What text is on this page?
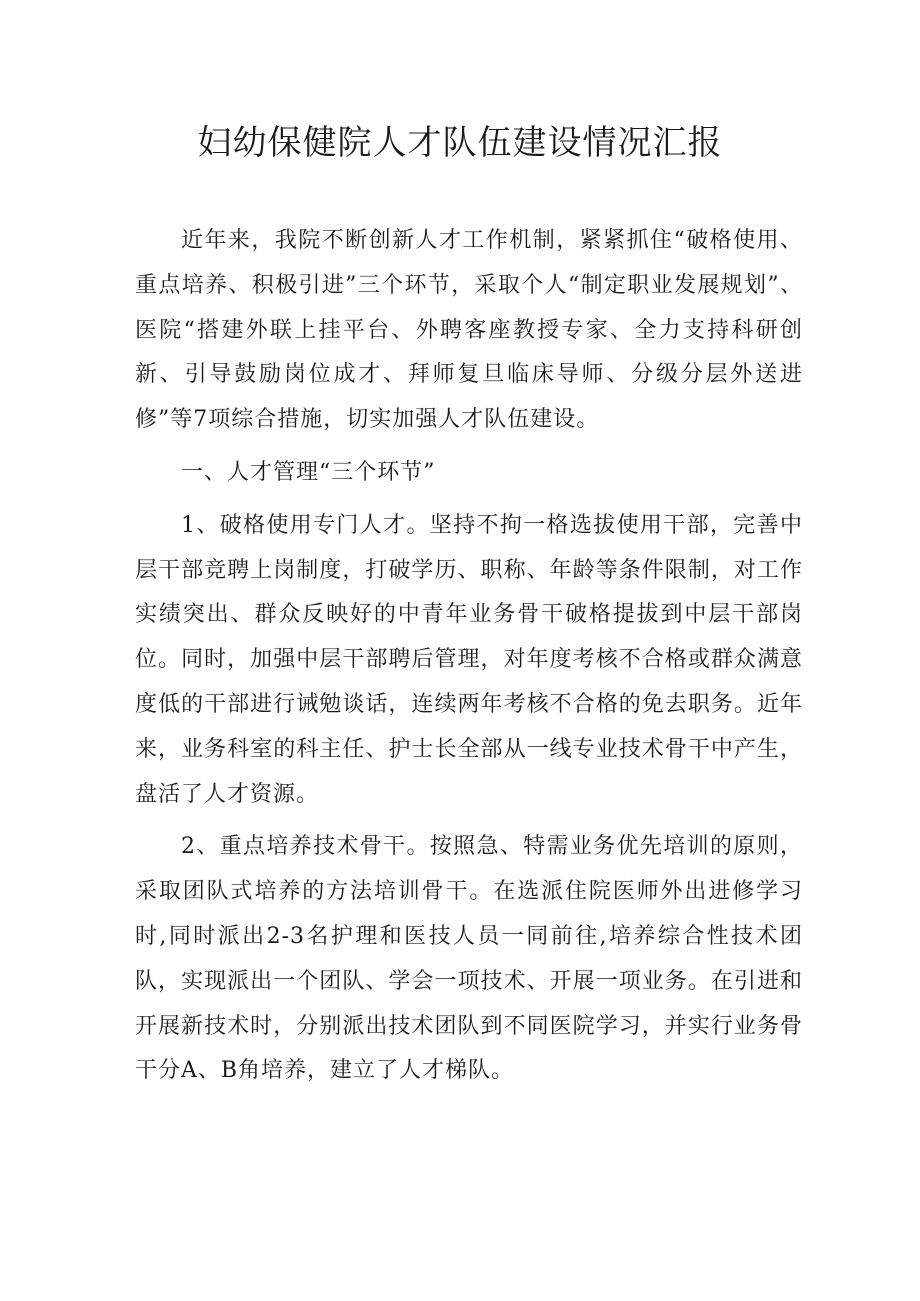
妇幼保健院人才队伍建设情况汇报

近年来，我院不断创新人才工作机制，紧紧抓住“破格使用、重点培养、积极引进”三个环节，采取个人“制定职业发展规划”、医院“搭建外联上挂平台、外聘客座教授专家、全力支持科研创新、引导鼓励岗位成才、拜师复旦临床导师、分级分层外送进修”等7项综合措施，切实加强人才队伍建设。

一、人才管理“三个环节”

1、破格使用专门人才。坚持不拘一格选拔使用干部，完善中层干部竞聘上岗制度，打破学历、职称、年龄等条件限制，对工作实绩突出、群众反映好的中青年业务骨干破格提拔到中层干部岗位。同时，加强中层干部聘后管理，对年度考核不合格或群众满意度低的干部进行诫勉谈话，连续两年考核不合格的免去职务。近年来，业务科室的科主任、护士长全部从一线专业技术骨干中产生，盘活了人才资源。

2、重点培养技术骨干。按照急、特需业务优先培训的原则，采取团队式培养的方法培训骨干。在选派住院医师外出进修学习时,同时派出2-3名护理和医技人员一同前往,培养综合性技术团队，实现派出一个团队、学会一项技术、开展一项业务。在引进和开展新技术时，分别派出技术团队到不同医院学习，并实行业务骨干分A、B角培养，建立了人才梯队。
